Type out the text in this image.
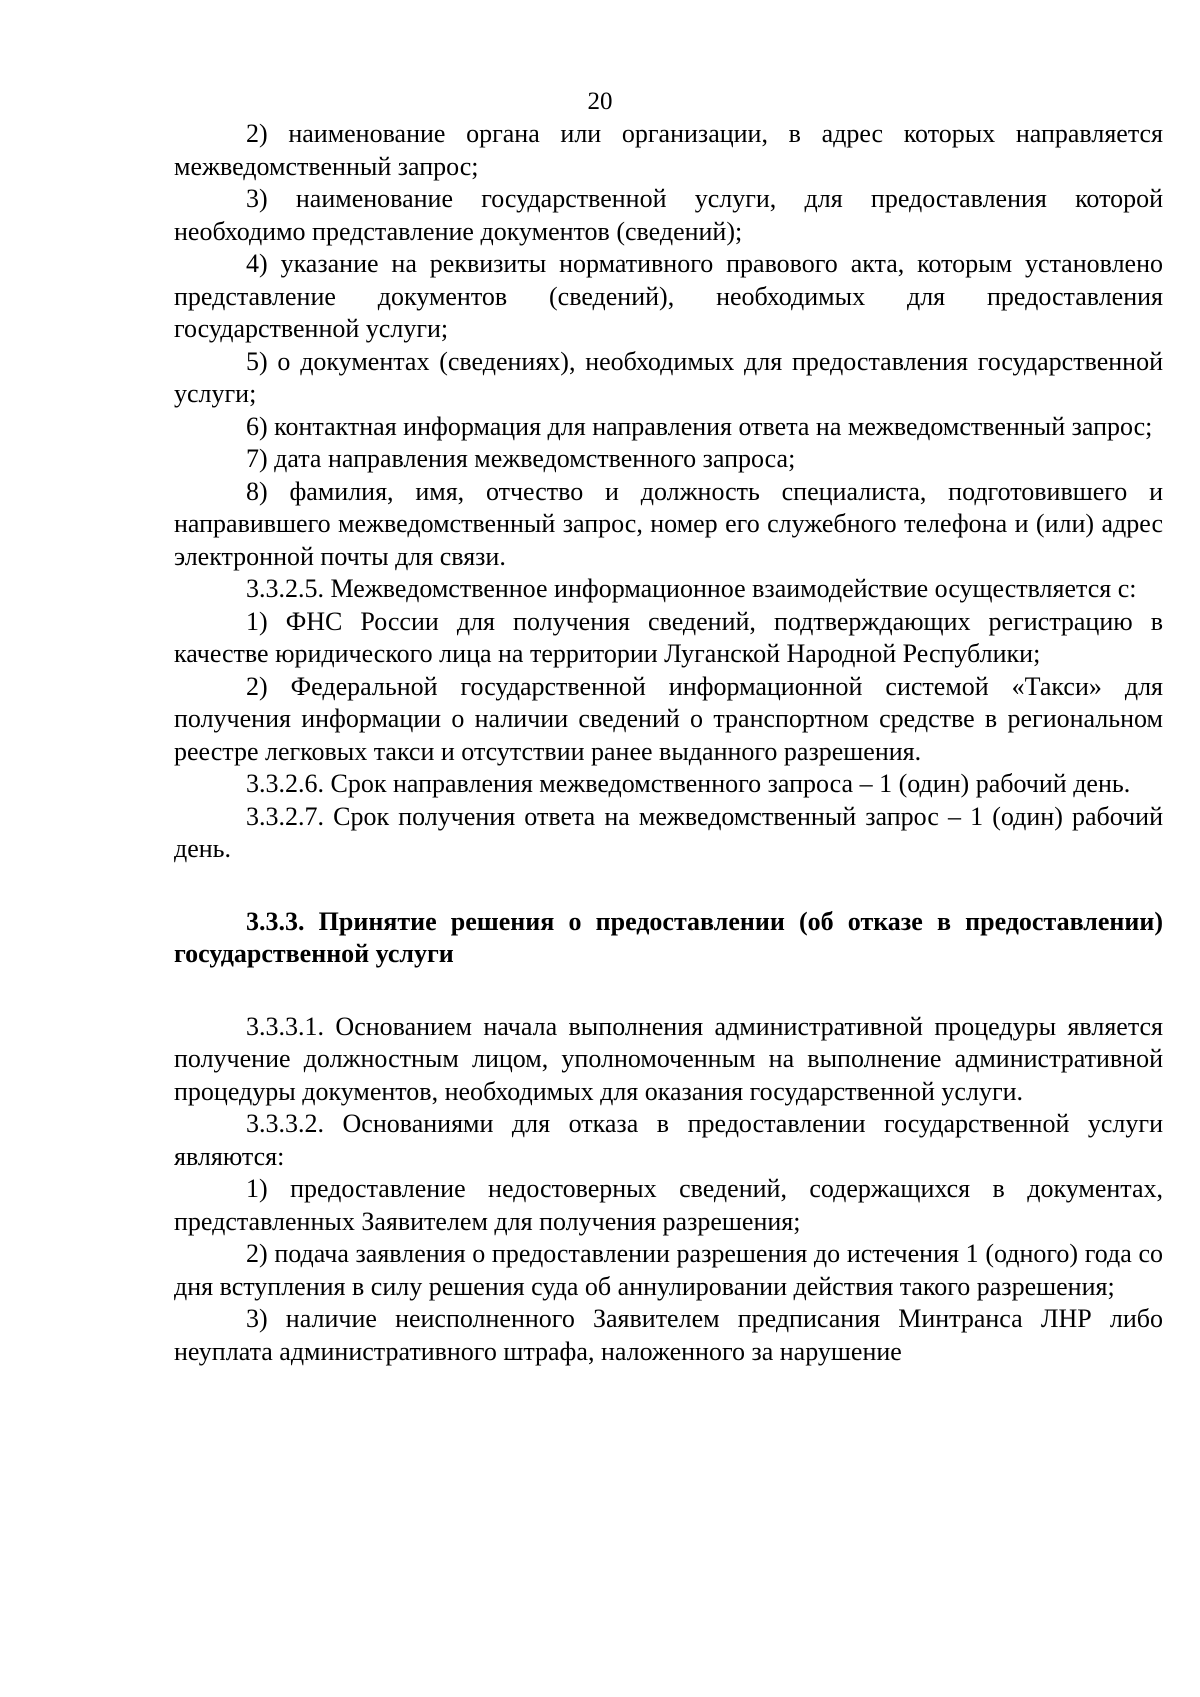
20

2) наименование органа или организации, в адрес которых направляется межведомственный запрос;

3) наименование государственной услуги, для предоставления которой необходимо представление документов (сведений);

4) указание на реквизиты нормативного правового акта, которым установлено представление документов (сведений), необходимых для предоставления государственной услуги;

5) о документах (сведениях), необходимых для предоставления государственной услуги;

6) контактная информация для направления ответа на межведомственный запрос;

7) дата направления межведомственного запроса;

8) фамилия, имя, отчество и должность специалиста, подготовившего и направившего межведомственный запрос, номер его служебного телефона и (или) адрес электронной почты для связи.

3.3.2.5. Межведомственное информационное взаимодействие осуществляется с:

1) ФНС России для получения сведений, подтверждающих регистрацию в качестве юридического лица на территории Луганской Народной Республики;

2) Федеральной государственной информационной системой «Такси» для получения информации о наличии сведений о транспортном средстве в региональном реестре легковых такси и отсутствии ранее выданного разрешения.

3.3.2.6. Срок направления межведомственного запроса – 1 (один) рабочий день.

3.3.2.7. Срок получения ответа на межведомственный запрос – 1 (один) рабочий день.

3.3.3. Принятие решения о предоставлении (об отказе в предоставлении) государственной услуги

3.3.3.1. Основанием начала выполнения административной процедуры является получение должностным лицом, уполномоченным на выполнение административной процедуры документов, необходимых для оказания государственной услуги.

3.3.3.2. Основаниями для отказа в предоставлении государственной услуги являются:

1) предоставление недостоверных сведений, содержащихся в документах, представленных Заявителем для получения разрешения;

2) подача заявления о предоставлении разрешения до истечения 1 (одного) года со дня вступления в силу решения суда об аннулировании действия такого разрешения;

3) наличие неисполненного Заявителем предписания Минтранса ЛНР либо неуплата административного штрафа, наложенного за нарушение
